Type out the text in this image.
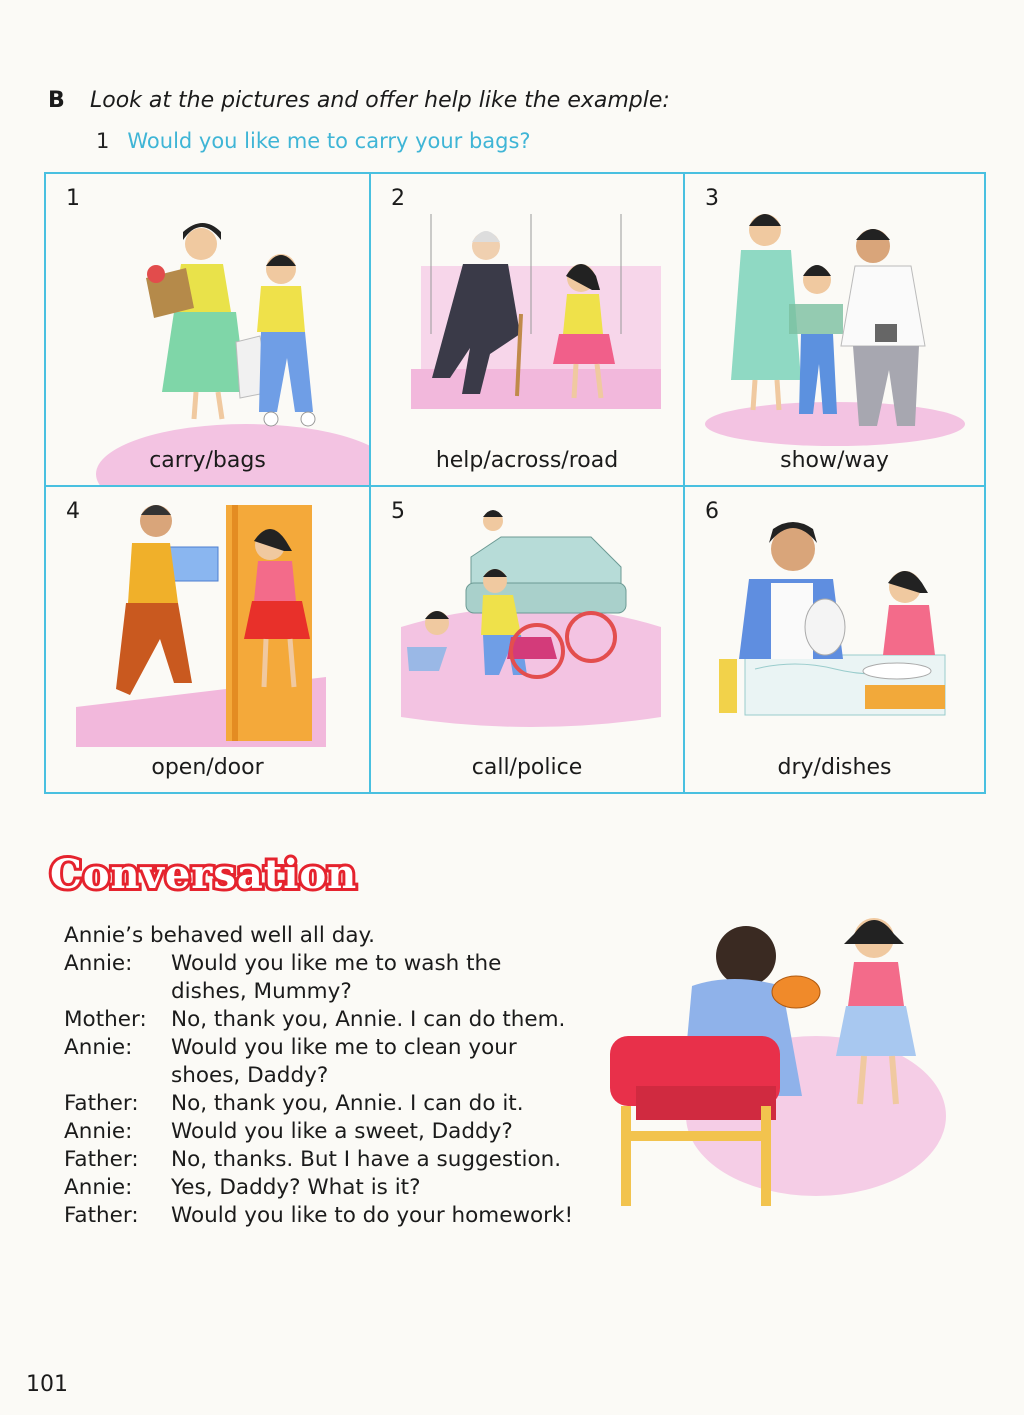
B Look at the pictures and offer help like the example:
1 Would you like me to carry your bags?
1
carry/bags
2
help/across/road
3
show/way
4
open/door
5
call/police
6
dry/dishes
Conversation
Annie’s behaved well all day.
Annie:	Would you like me to wash the dishes, Mummy?
Mother:	No, thank you, Annie. I can do them.
Annie:	Would you like me to clean your shoes, Daddy?
Father:	No, thank you, Annie. I can do it.
Annie:	Would you like a sweet, Daddy?
Father:	No, thanks. But I have a suggestion.
Annie:	Yes, Daddy? What is it?
Father:	Would you like to do your homework!
101
